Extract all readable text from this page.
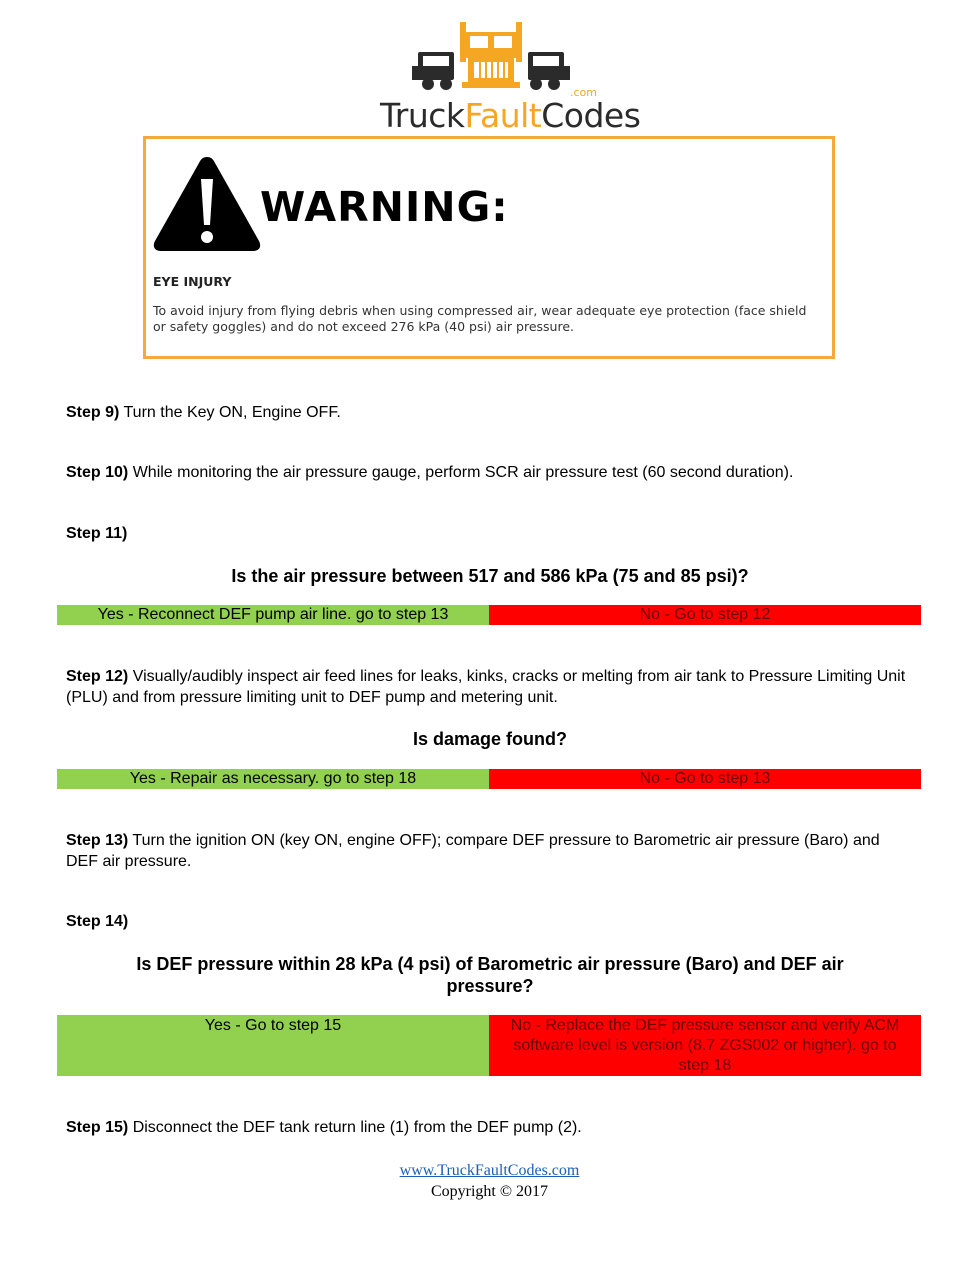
.com
TruckFaultCodes
WARNING:
EYE INJURY
To avoid injury from flying debris when using compressed air, wear adequate eye protection (face shield or safety goggles) and do not exceed 276 kPa (40 psi) air pressure.
Step 9) Turn the Key ON, Engine OFF.
Step 10) While monitoring the air pressure gauge, perform SCR air pressure test (60 second duration).
Step 11)
Is the air pressure between 517 and 586 kPa (75 and 85 psi)?
Yes - Reconnect DEF pump air line. go to step 13	No - Go to step 12
Step 12) Visually/audibly inspect air feed lines for leaks, kinks, cracks or melting from air tank to Pressure Limiting Unit (PLU) and from pressure limiting unit to DEF pump and metering unit.
Is damage found?
Yes - Repair as necessary. go to step 18	No - Go to step 13
Step 13) Turn the ignition ON (key ON, engine OFF); compare DEF pressure to Barometric air pressure (Baro) and DEF air pressure.
Step 14)
Is DEF pressure within 28 kPa (4 psi) of Barometric air pressure (Baro) and DEF air pressure?
Yes - Go to step 15	No - Replace the DEF pressure sensor and verify ACM software level is version (8.7 ZGS002 or higher). go to step 18
Step 15) Disconnect the DEF tank return line (1) from the DEF pump (2).
www.TruckFaultCodes.com
Copyright © 2017
